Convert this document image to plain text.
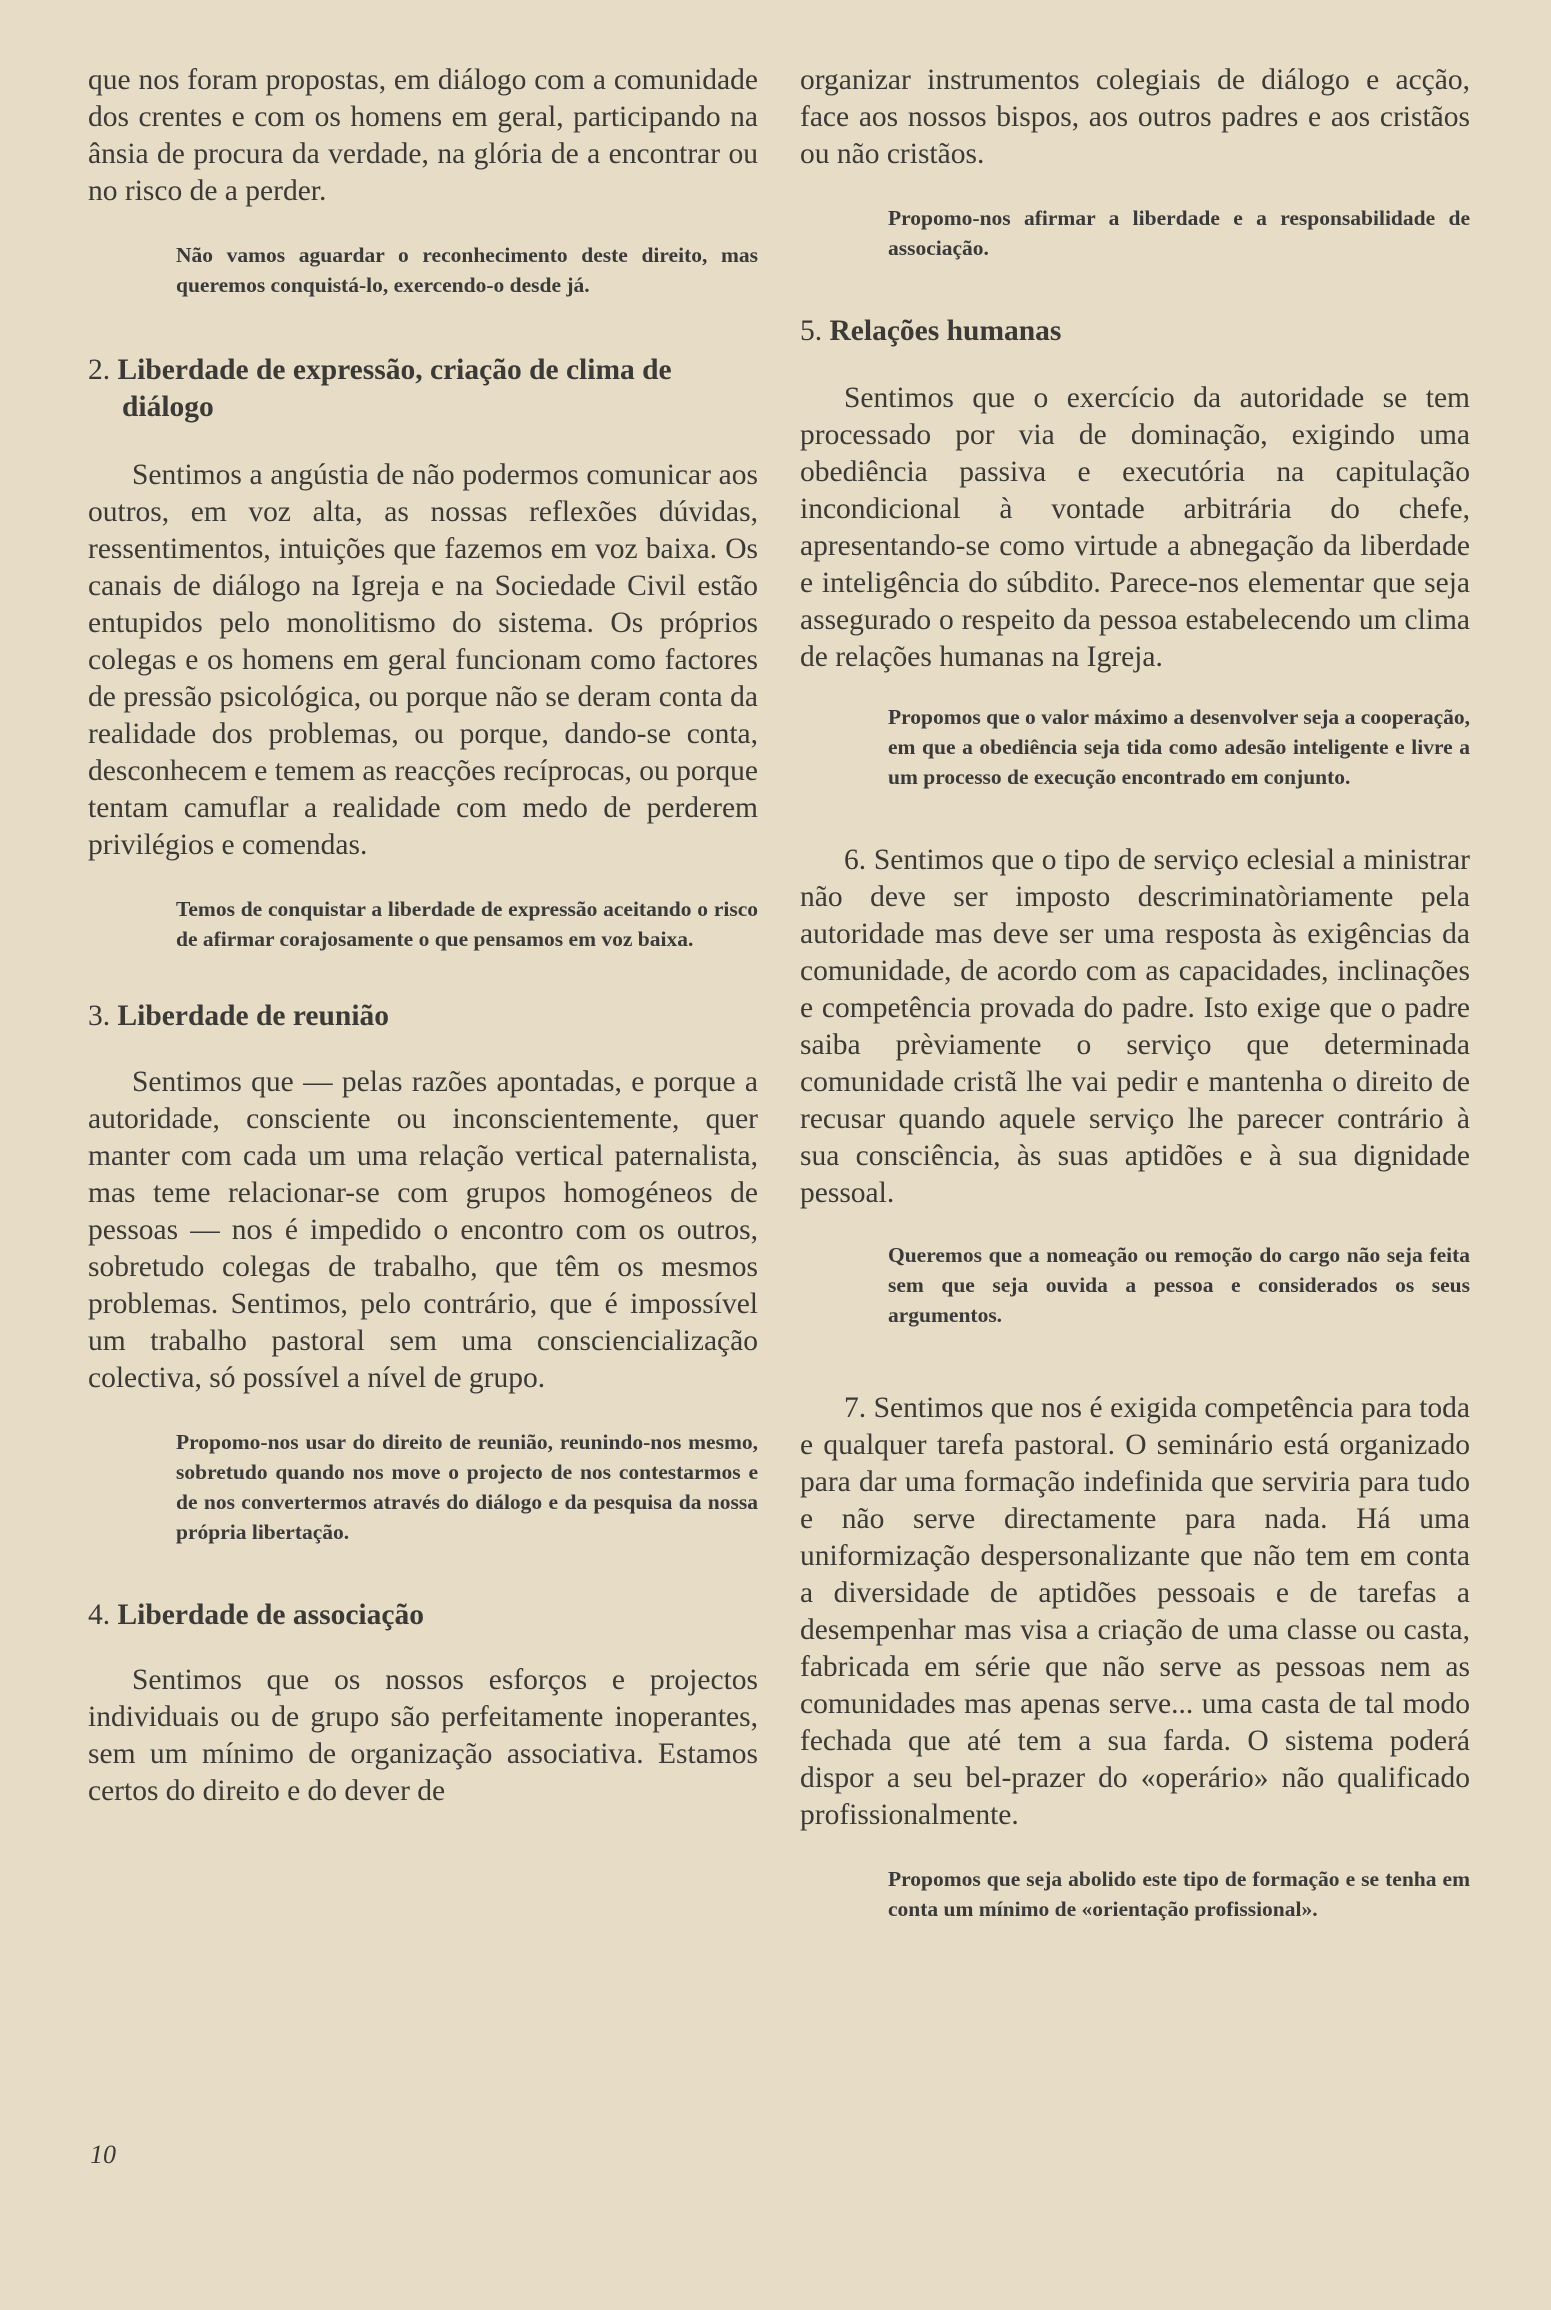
que nos foram propostas, em diálogo com a comunidade dos crentes e com os homens em geral, participando na ânsia de procura da verdade, na glória de a encontrar ou no risco de a perder.

Não vamos aguardar o reconhecimento deste direito, mas queremos conquistá-lo, exercendo-o desde já.

2. Liberdade de expressão, criação de clima de diálogo

Sentimos a angústia de não podermos comunicar aos outros, em voz alta, as nossas reflexões dúvidas, ressentimentos, intuições que fazemos em voz baixa. Os canais de diálogo na Igreja e na Sociedade Civil estão entupidos pelo monolitismo do sistema. Os próprios colegas e os homens em geral funcionam como factores de pressão psicológica, ou porque não se deram conta da realidade dos problemas, ou porque, dando-se conta, desconhecem e temem as reacções recíprocas, ou porque tentam camuflar a realidade com medo de perderem privilégios e comendas.

Temos de conquistar a liberdade de expressão aceitando o risco de afirmar corajosamente o que pensamos em voz baixa.

3. Liberdade de reunião

Sentimos que — pelas razões apontadas, e porque a autoridade, consciente ou inconscientemente, quer manter com cada um uma relação vertical paternalista, mas teme relacionar-se com grupos homogéneos de pessoas — nos é impedido o encontro com os outros, sobretudo colegas de trabalho, que têm os mesmos problemas. Sentimos, pelo contrário, que é impossível um trabalho pastoral sem uma consciencialização colectiva, só possível a nível de grupo.

Propomo-nos usar do direito de reunião, reunindo-nos mesmo, sobretudo quando nos move o projecto de nos contestarmos e de nos convertermos através do diálogo e da pesquisa da nossa própria libertação.

4. Liberdade de associação

Sentimos que os nossos esforços e projectos individuais ou de grupo são perfeitamente inoperantes, sem um mínimo de organização associativa. Estamos certos do direito e do dever de

organizar instrumentos colegiais de diálogo e acção, face aos nossos bispos, aos outros padres e aos cristãos ou não cristãos.

Propomo-nos afirmar a liberdade e a responsabilidade de associação.

5. Relações humanas

Sentimos que o exercício da autoridade se tem processado por via de dominação, exigindo uma obediência passiva e executória na capitulação incondicional à vontade arbitrária do chefe, apresentando-se como virtude a abnegação da liberdade e inteligência do súbdito. Parece-nos elementar que seja assegurado o respeito da pessoa estabelecendo um clima de relações humanas na Igreja.

Propomos que o valor máximo a desenvolver seja a cooperação, em que a obediência seja tida como adesão inteligente e livre a um processo de execução encontrado em conjunto.

6. Sentimos que o tipo de serviço eclesial a ministrar não deve ser imposto descriminatòriamente pela autoridade mas deve ser uma resposta às exigências da comunidade, de acordo com as capacidades, inclinações e competência provada do padre. Isto exige que o padre saiba prèviamente o serviço que determinada comunidade cristã lhe vai pedir e mantenha o direito de recusar quando aquele serviço lhe parecer contrário à sua consciência, às suas aptidões e à sua dignidade pessoal.

Queremos que a nomeação ou remoção do cargo não seja feita sem que seja ouvida a pessoa e considerados os seus argumentos.

7. Sentimos que nos é exigida competência para toda e qualquer tarefa pastoral. O seminário está organizado para dar uma formação indefinida que serviria para tudo e não serve directamente para nada. Há uma uniformização despersonalizante que não tem em conta a diversidade de aptidões pessoais e de tarefas a desempenhar mas visa a criação de uma classe ou casta, fabricada em série que não serve as pessoas nem as comunidades mas apenas serve... uma casta de tal modo fechada que até tem a sua farda. O sistema poderá dispor a seu bel-prazer do «operário» não qualificado profissionalmente.

Propomos que seja abolido este tipo de formação e se tenha em conta um mínimo de «orientação profissional».

10
